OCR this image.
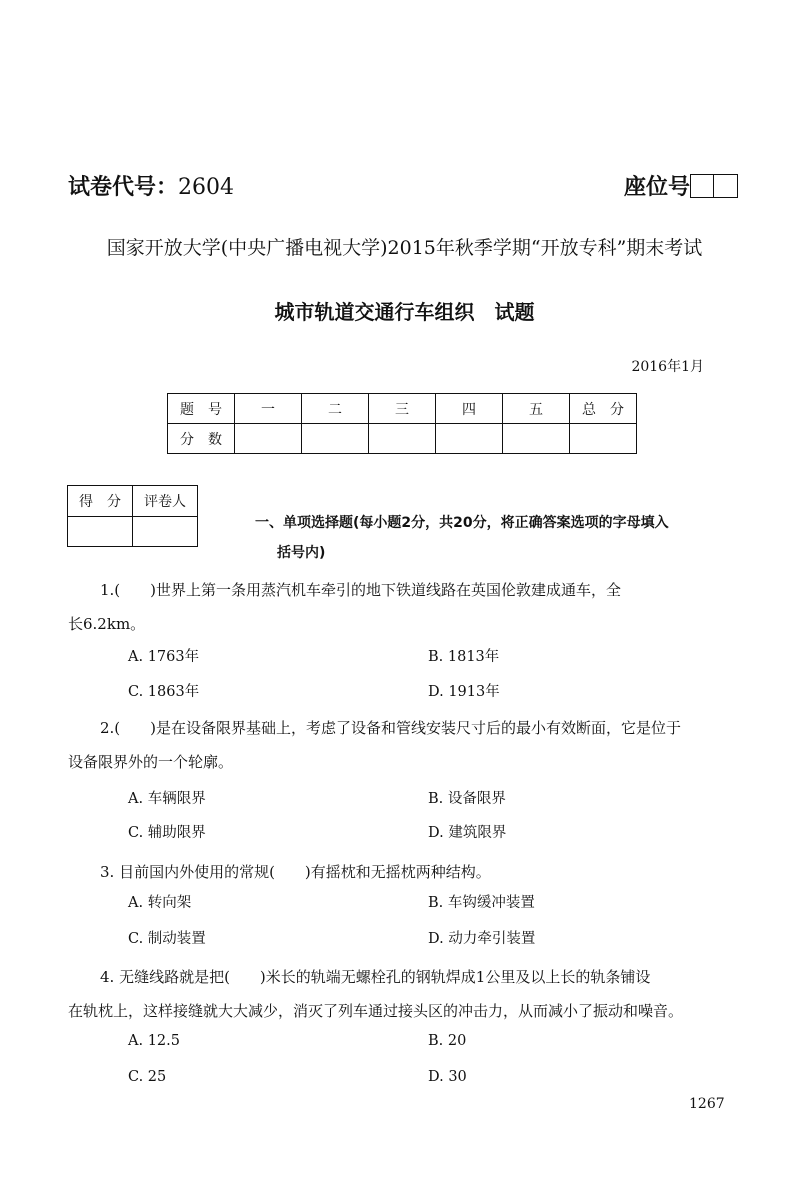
试卷代号：2604	座位号
国家开放大学(中央广播电视大学)2015年秋季学期“开放专科”期末考试
城市轨道交通行车组织　试题
2016年1月
题　号	一	二	三	四	五	总　分
分　数						
得　分	评卷人

一、单项选择题(每小题2分，共20分，将正确答案选项的字母填入
括号内)
1.(　　)世界上第一条用蒸汽机车牵引的地下铁道线路在英国伦敦建成通车，全
长6.2km。
A. 1763年	B. 1813年
C. 1863年	D. 1913年
2.(　　)是在设备限界基础上，考虑了设备和管线安装尺寸后的最小有效断面，它是位于
设备限界外的一个轮廓。
A. 车辆限界	B. 设备限界
C. 辅助限界	D. 建筑限界
3. 目前国内外使用的常规(　　)有摇枕和无摇枕两种结构。
A. 转向架	B. 车钩缓冲装置
C. 制动装置	D. 动力牵引装置
4. 无缝线路就是把(　　)米长的轨端无螺栓孔的钢轨焊成1公里及以上长的轨条铺设
在轨枕上，这样接缝就大大减少，消灭了列车通过接头区的冲击力，从而减小了振动和噪音。
A. 12.5	B. 20
C. 25	D. 30
1267
